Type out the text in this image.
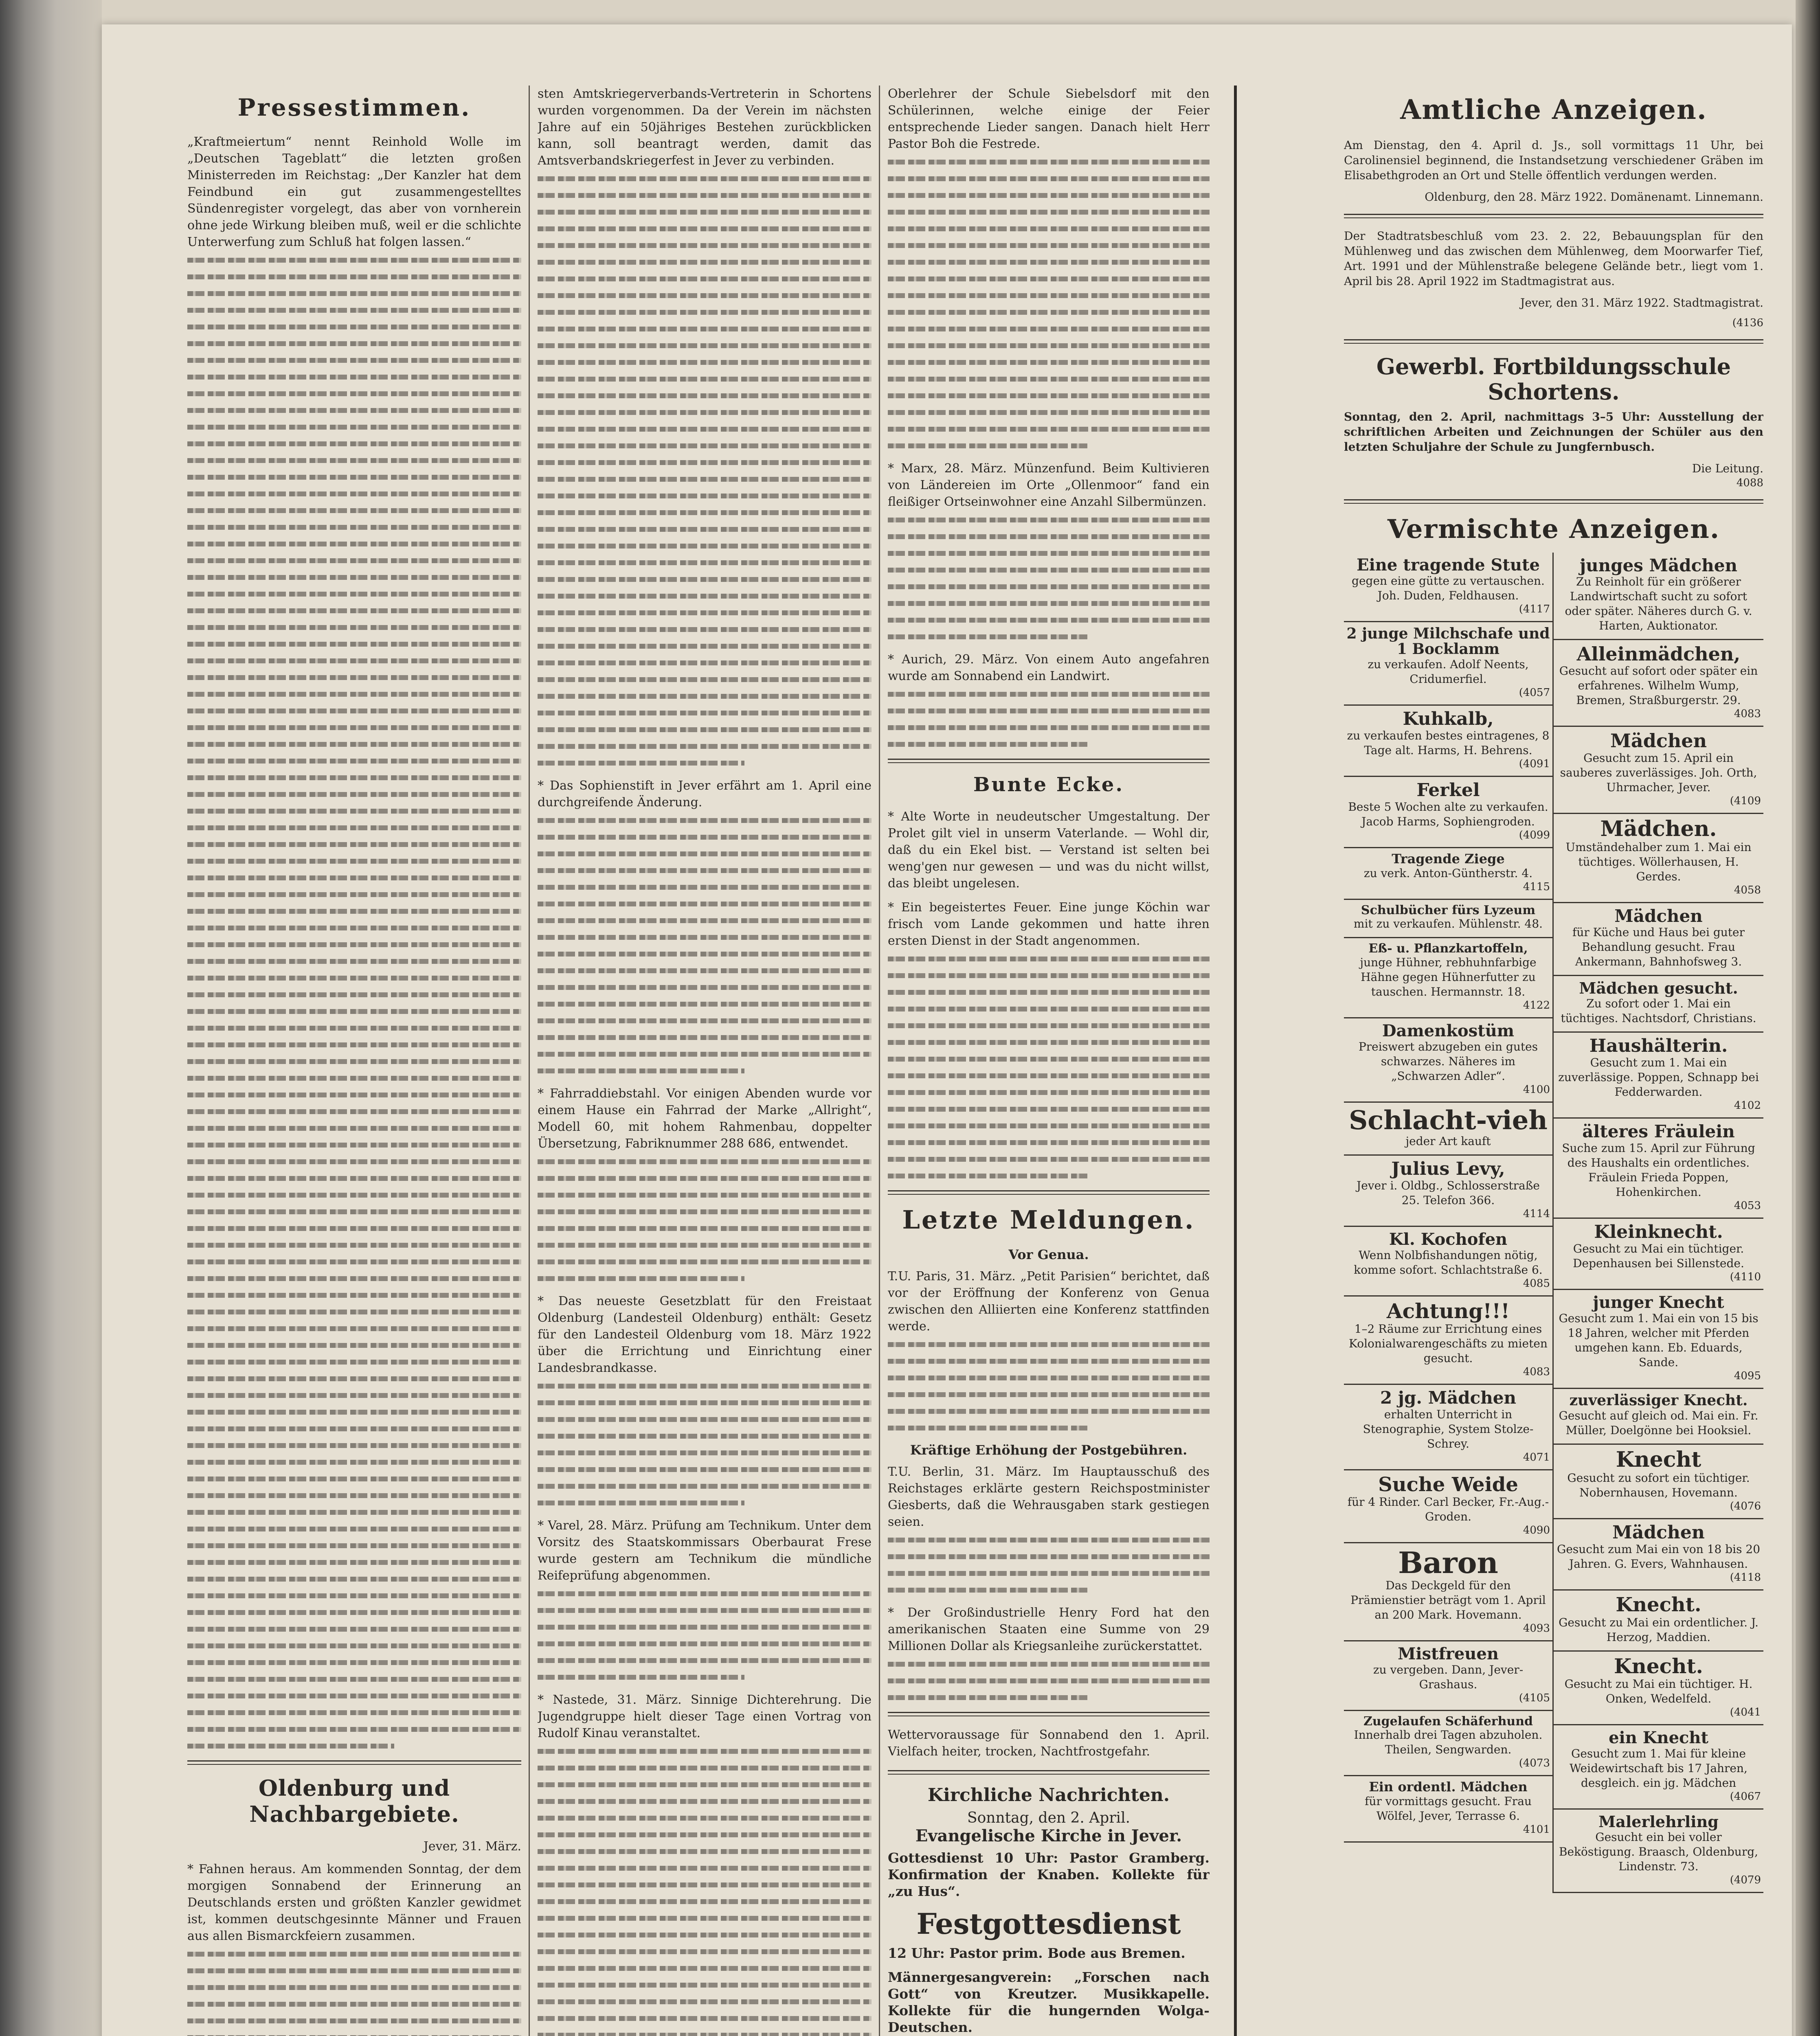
Pressestimmen.

„Kraftmeiertum“ nennt Reinhold Wolle im „Deutschen Tageblatt“ die letzten großen Ministerreden im Reichstag: „Der Kanzler hat dem Feindbund ein gut zusammengestelltes Sündenregister vorgelegt, das aber von vornherein ohne jede Wirkung bleiben muß, weil er die schlichte Unterwerfung zum Schluß hat folgen lassen.“

Oldenburg und Nachbargebiete.
Jever, 31. März.

* Fahnen heraus. Am kommenden Sonntag, der dem morgigen Sonnabend der Erinnerung an Deutschlands ersten und größten Kanzler gewidmet ist, kommen deutschgesinnte Männer und Frauen aus allen Bismarckfeiern zusammen.

sten Amtskriegerverbands-Vertreterin in Schortens wurden vorgenommen. Da der Verein im nächsten Jahre auf ein 50jähriges Bestehen zurückblicken kann, soll beantragt werden, damit das Amtsverbandskriegerfest in Jever zu verbinden.

* Das Sophienstift in Jever erfährt am 1. April eine durchgreifende Änderung.

* Fahrraddiebstahl. Vor einigen Abenden wurde vor einem Hause ein Fahrrad der Marke „Allright“, Modell 60, mit hohem Rahmenbau, doppelter Übersetzung, Fabriknummer 288 686, entwendet.

* Das neueste Gesetzblatt für den Freistaat Oldenburg (Landesteil Oldenburg) enthält: Gesetz für den Landesteil Oldenburg vom 18. März 1922 über die Errichtung und Einrichtung einer Landesbrandkasse.

* Varel, 28. März. Prüfung am Technikum. Unter dem Vorsitz des Staatskommissars Oberbaurat Frese wurde gestern am Technikum die mündliche Reifeprüfung abgenommen.

* Nastede, 31. März. Sinnige Dichterehrung. Die Jugendgruppe hielt dieser Tage einen Vortrag von Rudolf Kinau veranstaltet.

Oberlehrer der Schule Siebelsdorf mit den Schülerinnen, welche einige der Feier entsprechende Lieder sangen. Danach hielt Herr Pastor Boh die Festrede.

* Marx, 28. März. Münzenfund. Beim Kultivieren von Ländereien im Orte „Ollenmoor“ fand ein fleißiger Ortseinwohner eine Anzahl Silbermünzen.

* Aurich, 29. März. Von einem Auto angefahren wurde am Sonnabend ein Landwirt.

Bunte Ecke.

* Alte Worte in neudeutscher Umgestaltung. Der Prolet gilt viel in unserm Vaterlande. — Wohl dir, daß du ein Ekel bist. — Verstand ist selten bei weng'gen nur gewesen — und was du nicht willst, das bleibt ungelesen.

* Ein begeistertes Feuer. Eine junge Köchin war frisch vom Lande gekommen und hatte ihren ersten Dienst in der Stadt angenommen.

Letzte Meldungen.
Vor Genua.

T.U. Paris, 31. März. „Petit Parisien“ berichtet, daß vor der Eröffnung der Konferenz von Genua zwischen den Alliierten eine Konferenz stattfinden werde.

Kräftige Erhöhung der Postgebühren.

T.U. Berlin, 31. März. Im Hauptausschuß des Reichstages erklärte gestern Reichspostminister Giesberts, daß die Wehrausgaben stark gestiegen seien.

* Der Großindustrielle Henry Ford hat den amerikanischen Staaten eine Summe von 29 Millionen Dollar als Kriegsanleihe zurückerstattet.

Wettervoraussage für Sonnabend den 1. April. Vielfach heiter, trocken, Nachtfrostgefahr.

Kirchliche Nachrichten.
Sonntag, den 2. April.
Evangelische Kirche in Jever.

Gottesdienst 10 Uhr: Pastor Gramberg. Konfirmation der Knaben. Kollekte für „zu Hus“.

Festgottesdienst

12 Uhr: Pastor prim. Bode aus Bremen.

Männergesangverein: „Forschen nach Gott“ von Kreutzer. Musikkapelle. Kollekte für die hungernden Wolga-Deutschen.

Amtliche Anzeigen.

Am Dienstag, den 4. April d. Js., soll vormittags 11 Uhr, bei Carolinensiel beginnend, die Instandsetzung verschiedener Gräben im Elisabethgroden an Ort und Stelle öffentlich verdungen werden.

Oldenburg, den 28. März 1922. Domänenamt. Linnemann.

Der Stadtratsbeschluß vom 23. 2. 22, Bebauungsplan für den Mühlenweg und das zwischen dem Mühlenweg, dem Moorwarfer Tief, Art. 1991 und der Mühlenstraße belegene Gelände betr., liegt vom 1. April bis 28. April 1922 im Stadtmagistrat aus.

Jever, den 31. März 1922. Stadtmagistrat.
(4136
Gewerbl. Fortbildungsschule Schortens.

Sonntag, den 2. April, nachmittags 3–5 Uhr: Ausstellung der schriftlichen Arbeiten und Zeichnungen der Schüler aus den letzten Schuljahre der Schule zu Jungfernbusch.

Die Leitung.
4088
Vermischte Anzeigen.
Eine tragende Stute
gegen eine gütte zu vertauschen. Joh. Duden, Feldhausen.
(4117
2 junge Milchschafe und 1 Bocklamm
zu verkaufen. Adolf Neents, Cridumerfiel.
(4057
Kuhkalb,
zu verkaufen bestes eintragenes, 8 Tage alt. Harms, H. Behrens.
(4091
Ferkel
Beste 5 Wochen alte zu verkaufen. Jacob Harms, Sophiengroden.
(4099
Tragende Ziege
zu verk. Anton-Güntherstr. 4.
4115
Schulbücher fürs Lyzeum
mit zu verkaufen. Mühlenstr. 48.
Eß- u. Pflanzkartoffeln,
junge Hühner, rebhuhnfarbige Hähne gegen Hühnerfutter zu tauschen. Hermannstr. 18.
4122
Damenkostüm
Preiswert abzugeben ein gutes schwarzes. Näheres im „Schwarzen Adler“.
4100
Schlacht-vieh
jeder Art kauft
Julius Levy,
Jever i. Oldbg., Schlosserstraße 25. Telefon 366.
4114
Kl. Kochofen
Wenn Nolbfishandungen nötig, komme sofort. Schlachtstraße 6.
4085
Achtung!!!
1–2 Räume zur Errichtung eines Kolonialwarengeschäfts zu mieten gesucht.
4083
2 jg. Mädchen
erhalten Unterricht in Stenographie, System Stolze-Schrey.
4071
Suche Weide
für 4 Rinder. Carl Becker, Fr.-Aug.-Groden.
4090
Baron
Das Deckgeld für den Prämienstier beträgt vom 1. April an 200 Mark. Hovemann.
4093
Mistfreuen
zu vergeben. Dann, Jever-Grashaus.
(4105
Zugelaufen Schäferhund
Innerhalb drei Tagen abzuholen. Theilen, Sengwarden.
(4073
Ein ordentl. Mädchen
für vormittags gesucht. Frau Wölfel, Jever, Terrasse 6.
4101
junges Mädchen
Zu Reinholt für ein größerer Landwirtschaft sucht zu sofort oder später. Näheres durch G. v. Harten, Auktionator.
Alleinmädchen,
Gesucht auf sofort oder später ein erfahrenes. Wilhelm Wump, Bremen, Straßburgerstr. 29.
4083
Mädchen
Gesucht zum 15. April ein sauberes zuverlässiges. Joh. Orth, Uhrmacher, Jever.
(4109
Mädchen.
Umständehalber zum 1. Mai ein tüchtiges. Wöllerhausen, H. Gerdes.
4058
Mädchen
für Küche und Haus bei guter Behandlung gesucht. Frau Ankermann, Bahnhofsweg 3.
Mädchen gesucht.
Zu sofort oder 1. Mai ein tüchtiges. Nachtsdorf, Christians.
Haushälterin.
Gesucht zum 1. Mai ein zuverlässige. Poppen, Schnapp bei Fedderwarden.
4102
älteres Fräulein
Suche zum 15. April zur Führung des Haushalts ein ordentliches. Fräulein Frieda Poppen, Hohenkirchen.
4053
Kleinknecht.
Gesucht zu Mai ein tüchtiger. Depenhausen bei Sillenstede.
(4110
junger Knecht
Gesucht zum 1. Mai ein von 15 bis 18 Jahren, welcher mit Pferden umgehen kann. Eb. Eduards, Sande.
4095
zuverlässiger Knecht.
Gesucht auf gleich od. Mai ein. Fr. Müller, Doelgönne bei Hooksiel.
Knecht
Gesucht zu sofort ein tüchtiger. Nobernhausen, Hovemann.
(4076
Mädchen
Gesucht zum Mai ein von 18 bis 20 Jahren. G. Evers, Wahnhausen.
(4118
Knecht.
Gesucht zu Mai ein ordentlicher. J. Herzog, Maddien.
Knecht.
Gesucht zu Mai ein tüchtiger. H. Onken, Wedelfeld.
(4041
ein Knecht
Gesucht zum 1. Mai für kleine Weidewirtschaft bis 17 Jahren, desgleich. ein jg. Mädchen
(4067
Malerlehrling
Gesucht ein bei voller Beköstigung. Braasch, Oldenburg, Lindenstr. 73.
(4079
